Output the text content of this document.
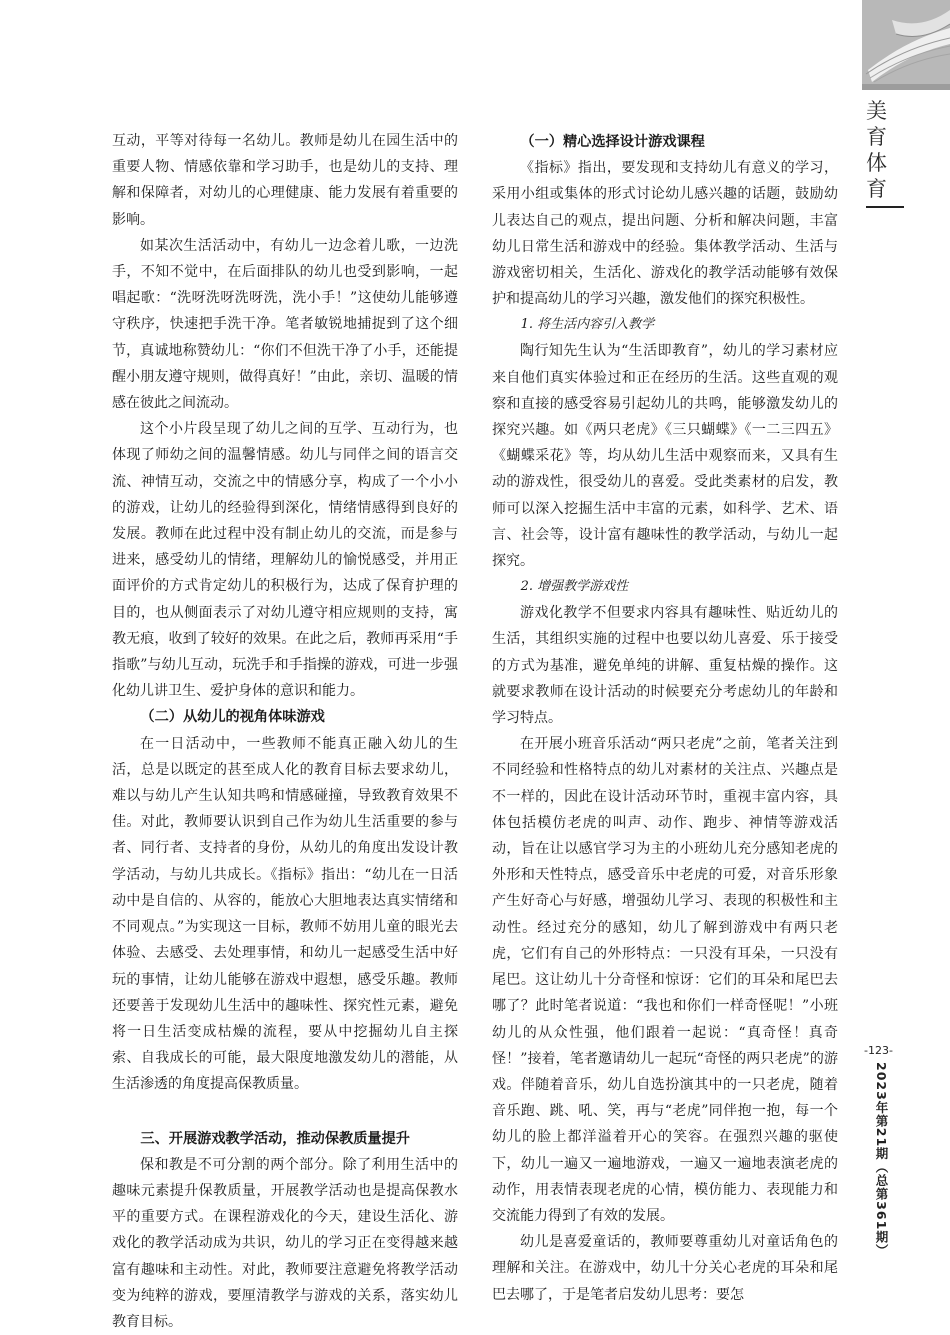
美育
体育

互动，平等对待每一名幼儿。教师是幼儿在园生活中的重要人物、情感依靠和学习助手，也是幼儿的支持、理解和保障者，对幼儿的心理健康、能力发展有着重要的影响。

如某次生活活动中，有幼儿一边念着儿歌，一边洗手，不知不觉中，在后面排队的幼儿也受到影响，一起唱起歌：“洗呀洗呀洗呀洗，洗小手！”这使幼儿能够遵守秩序，快速把手洗干净。笔者敏锐地捕捉到了这个细节，真诚地称赞幼儿：“你们不但洗干净了小手，还能提醒小朋友遵守规则，做得真好！”由此，亲切、温暖的情感在彼此之间流动。

这个小片段呈现了幼儿之间的互学、互动行为，也体现了师幼之间的温馨情感。幼儿与同伴之间的语言交流、神情互动，交流之中的情感分享，构成了一个小小的游戏，让幼儿的经验得到深化，情绪情感得到良好的发展。教师在此过程中没有制止幼儿的交流，而是参与进来，感受幼儿的情绪，理解幼儿的愉悦感受，并用正面评价的方式肯定幼儿的积极行为，达成了保育护理的目的，也从侧面表示了对幼儿遵守相应规则的支持，寓教无痕，收到了较好的效果。在此之后，教师再采用“手指歌”与幼儿互动，玩洗手和手指操的游戏，可进一步强化幼儿讲卫生、爱护身体的意识和能力。

（二）从幼儿的视角体味游戏

在一日活动中，一些教师不能真正融入幼儿的生活，总是以既定的甚至成人化的教育目标去要求幼儿，难以与幼儿产生认知共鸣和情感碰撞，导致教育效果不佳。对此，教师要认识到自己作为幼儿生活重要的参与者、同行者、支持者的身份，从幼儿的角度出发设计教学活动，与幼儿共成长。《指标》指出：“幼儿在一日活动中是自信的、从容的，能放心大胆地表达真实情绪和不同观点。”为实现这一目标，教师不妨用儿童的眼光去体验、去感受、去处理事情，和幼儿一起感受生活中好玩的事情，让幼儿能够在游戏中遐想，感受乐趣。教师还要善于发现幼儿生活中的趣味性、探究性元素，避免将一日生活变成枯燥的流程，要从中挖掘幼儿自主探索、自我成长的可能，最大限度地激发幼儿的潜能，从生活渗透的角度提高保教质量。

三、开展游戏教学活动，推动保教质量提升

保和教是不可分割的两个部分。除了利用生活中的趣味元素提升保教质量，开展教学活动也是提高保教水平的重要方式。在课程游戏化的今天，建设生活化、游戏化的教学活动成为共识，幼儿的学习正在变得越来越富有趣味和主动性。对此，教师要注意避免将教学活动变为纯粹的游戏，要厘清教学与游戏的关系，落实幼儿教育目标。

（一）精心选择设计游戏课程

《指标》指出，要发现和支持幼儿有意义的学习，采用小组或集体的形式讨论幼儿感兴趣的话题，鼓励幼儿表达自己的观点，提出问题、分析和解决问题，丰富幼儿日常生活和游戏中的经验。集体教学活动、生活与游戏密切相关，生活化、游戏化的教学活动能够有效保护和提高幼儿的学习兴趣，激发他们的探究积极性。

1. 将生活内容引入教学

陶行知先生认为“生活即教育”，幼儿的学习素材应来自他们真实体验过和正在经历的生活。这些直观的观察和直接的感受容易引起幼儿的共鸣，能够激发幼儿的探究兴趣。如《两只老虎》《三只蝴蝶》《一二三四五》《蝴蝶采花》等，均从幼儿生活中观察而来，又具有生动的游戏性，很受幼儿的喜爱。受此类素材的启发，教师可以深入挖掘生活中丰富的元素，如科学、艺术、语言、社会等，设计富有趣味性的教学活动，与幼儿一起探究。

2. 增强教学游戏性

游戏化教学不但要求内容具有趣味性、贴近幼儿的生活，其组织实施的过程中也要以幼儿喜爱、乐于接受的方式为基准，避免单纯的讲解、重复枯燥的操作。这就要求教师在设计活动的时候要充分考虑幼儿的年龄和学习特点。

在开展小班音乐活动“两只老虎”之前，笔者关注到不同经验和性格特点的幼儿对素材的关注点、兴趣点是不一样的，因此在设计活动环节时，重视丰富内容，具体包括模仿老虎的叫声、动作、跑步、神情等游戏活动，旨在让以感官学习为主的小班幼儿充分感知老虎的外形和天性特点，感受音乐中老虎的可爱，对音乐形象产生好奇心与好感，增强幼儿学习、表现的积极性和主动性。经过充分的感知，幼儿了解到游戏中有两只老虎，它们有自己的外形特点：一只没有耳朵，一只没有尾巴。这让幼儿十分奇怪和惊讶：它们的耳朵和尾巴去哪了？此时笔者说道：“我也和你们一样奇怪呢！”小班幼儿的从众性强，他们跟着一起说：“真奇怪！真奇怪！”接着，笔者邀请幼儿一起玩“奇怪的两只老虎”的游戏。伴随着音乐，幼儿自选扮演其中的一只老虎，随着音乐跑、跳、吼、笑，再与“老虎”同伴抱一抱，每一个幼儿的脸上都洋溢着开心的笑容。在强烈兴趣的驱使下，幼儿一遍又一遍地游戏，一遍又一遍地表演老虎的动作，用表情表现老虎的心情，模仿能力、表现能力和交流能力得到了有效的发展。

幼儿是喜爱童话的，教师要尊重幼儿对童话角色的理解和关注。在游戏中，幼儿十分关心老虎的耳朵和尾巴去哪了，于是笔者启发幼儿思考：要怎

-123-
2023年第21期（总第361期）
